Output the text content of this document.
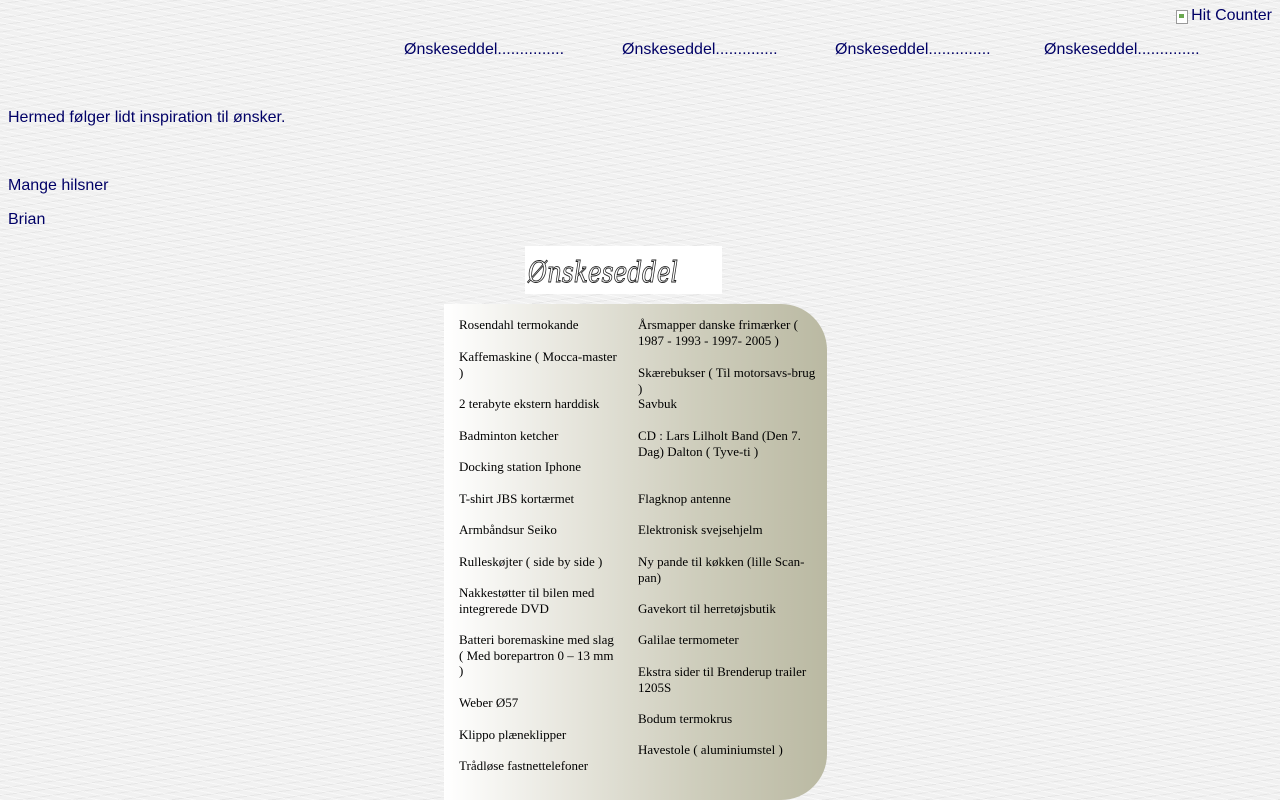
Hit Counter
Ønskeseddel...............	Ønskeseddel..............	Ønskeseddel..............	Ønskeseddel..............

Hermed følger lidt inspiration til ønsker.

Mange hilsner

Brian

Ønskeseddel

Rosendahl termokande

Kaffemaskine ( Mocca-master )

2 terabyte ekstern harddisk

Badminton ketcher

Docking station Iphone

T-shirt JBS kortærmet

Armbåndsur Seiko

Rulleskøjter ( side by side )

Nakkestøtter til bilen med integrerede DVD

Batteri boremaskine med slag ( Med borepartron 0 – 13 mm )

Weber Ø57

Klippo plæneklipper

Trådløse fastnettelefoner

Årsmapper danske frimærker ( 1987 - 1993 - 1997- 2005 )

Skærebukser ( Til motorsavs-brug )

Savbuk

CD : Lars Lilholt Band (Den 7. Dag) Dalton ( Tyve-ti )

Flagknop antenne

Elektronisk svejsehjelm

Ny pande til køkken (lille Scan-pan)

Gavekort til herretøjsbutik

Galilae termometer

Ekstra sider til Brenderup trailer 1205S

Bodum termokrus

Havestole ( aluminiumstel )
